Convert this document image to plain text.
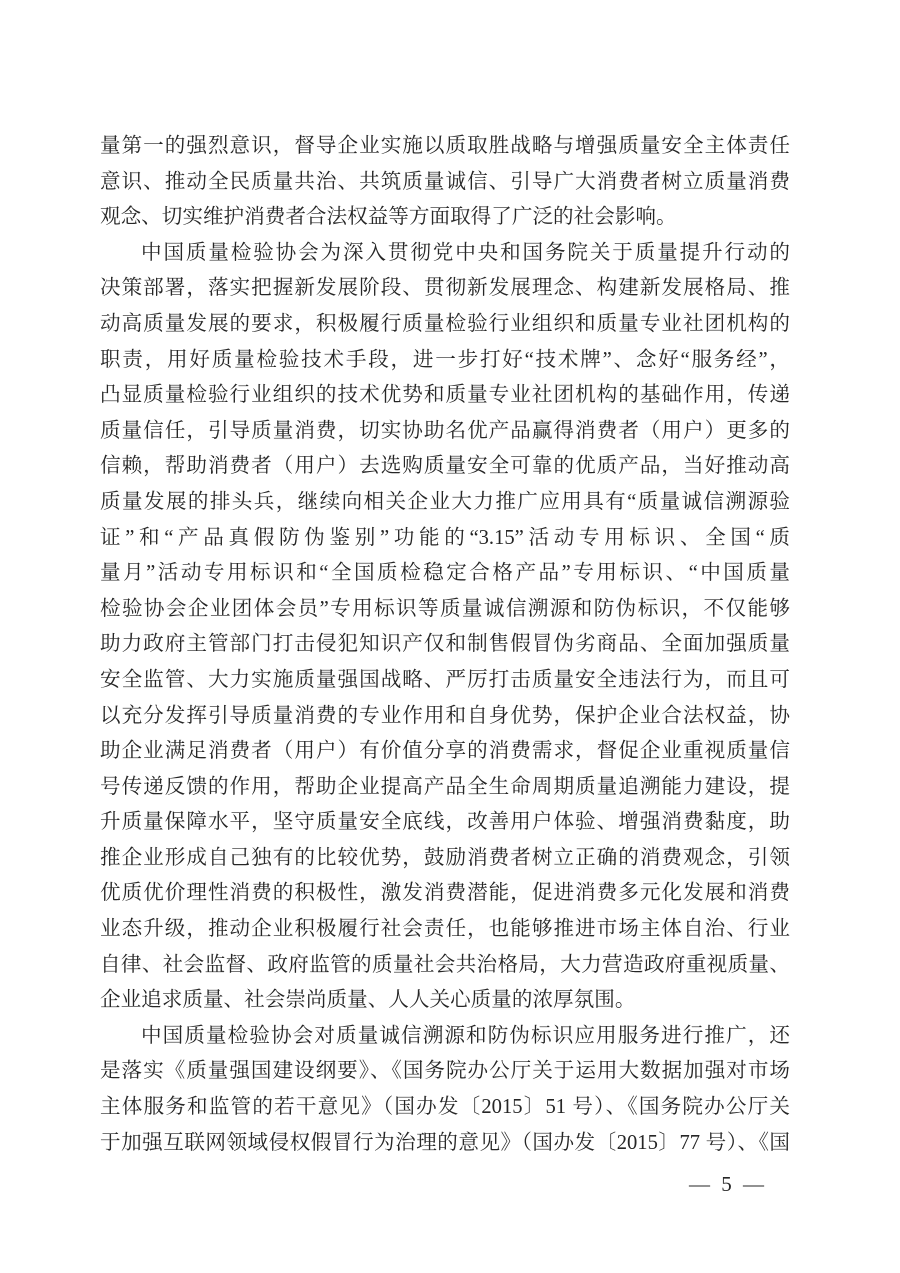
量第一的强烈意识，督导企业实施以质取胜战略与增强质量安全主体责任
意识、推动全民质量共治、共筑质量诚信、引导广大消费者树立质量消费
观念、切实维护消费者合法权益等方面取得了广泛的社会影响。
中国质量检验协会为深入贯彻党中央和国务院关于质量提升行动的
决策部署，落实把握新发展阶段、贯彻新发展理念、构建新发展格局、推
动高质量发展的要求，积极履行质量检验行业组织和质量专业社团机构的
职责，用好质量检验技术手段，进一步打好“技术牌”、念好“服务经”，
凸显质量检验行业组织的技术优势和质量专业社团机构的基础作用，传递
质量信任，引导质量消费，切实协助名优产品赢得消费者（用户）更多的
信赖，帮助消费者（用户）去选购质量安全可靠的优质产品，当好推动高
质量发展的排头兵，继续向相关企业大力推广应用具有“质量诚信溯源验
证”和“产品真假防伪鉴别”功能的“3.15”活动专用标识、全国“质
量月”活动专用标识和“全国质检稳定合格产品”专用标识、“中国质量
检验协会企业团体会员”专用标识等质量诚信溯源和防伪标识，不仅能够
助力政府主管部门打击侵犯知识产仅和制售假冒伪劣商品、全面加强质量
安全监管、大力实施质量强国战略、严厉打击质量安全违法行为，而且可
以充分发挥引导质量消费的专业作用和自身优势，保护企业合法权益，协
助企业满足消费者（用户）有价值分享的消费需求，督促企业重视质量信
号传递反馈的作用，帮助企业提高产品全生命周期质量追溯能力建设，提
升质量保障水平，坚守质量安全底线，改善用户体验、增强消费黏度，助
推企业形成自己独有的比较优势，鼓励消费者树立正确的消费观念，引领
优质优价理性消费的积极性，激发消费潜能，促进消费多元化发展和消费
业态升级，推动企业积极履行社会责任，也能够推进市场主体自治、行业
自律、社会监督、政府监管的质量社会共治格局，大力营造政府重视质量、
企业追求质量、社会崇尚质量、人人关心质量的浓厚氛围。
中国质量检验协会对质量诚信溯源和防伪标识应用服务进行推广，还
是落实《质量强国建设纲要》、《国务院办公厅关于运用大数据加强对市场
主体服务和监管的若干意见》（国办发〔2015〕51 号）、《国务院办公厅关
于加强互联网领域侵权假冒行为治理的意见》（国办发〔2015〕77 号）、《国
— 5 —
